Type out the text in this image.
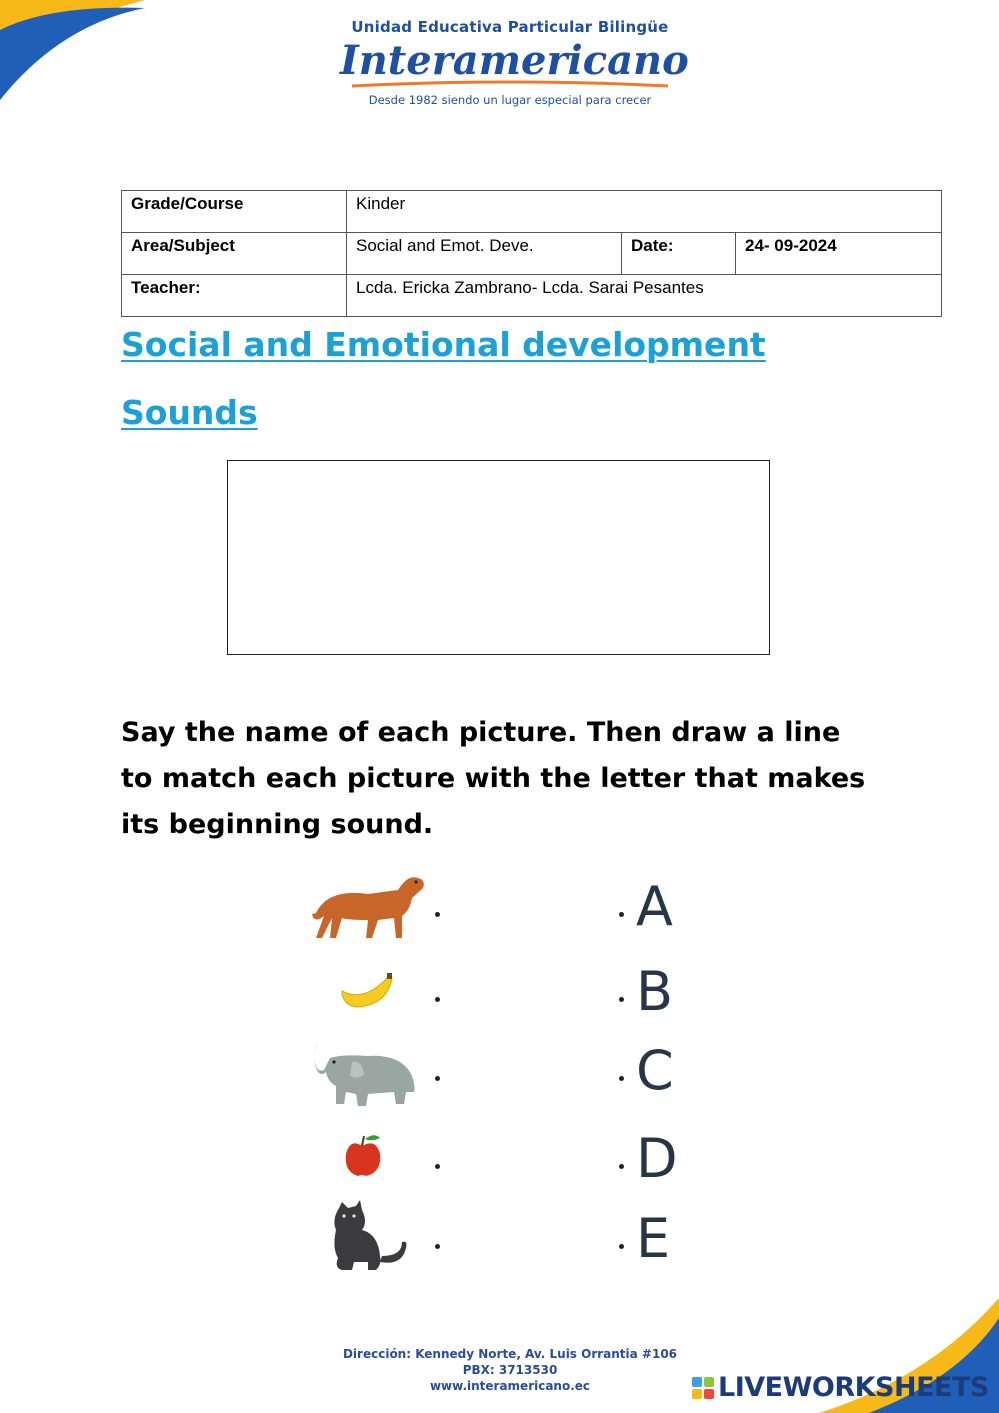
Unidad Educativa Particular Bilingüe
Interamericano
Desde 1982 siendo un lugar especial para crecer
Grade/Course	Kinder		
Area/Subject	Social and Emot. Deve.	Date:	24- 09-2024
Teacher:	Lcda. Ericka Zambrano- Lcda. Sarai Pesantes		
Social and Emotional development
Sounds
Say the name of each picture. Then draw a line to match each picture with the letter that makes its beginning sound.
A
B
C
D
E
Dirección: Kennedy Norte, Av. Luis Orrantia #106
PBX: 3713530
www.interamericano.ec	LIVEWORKSHEETS
